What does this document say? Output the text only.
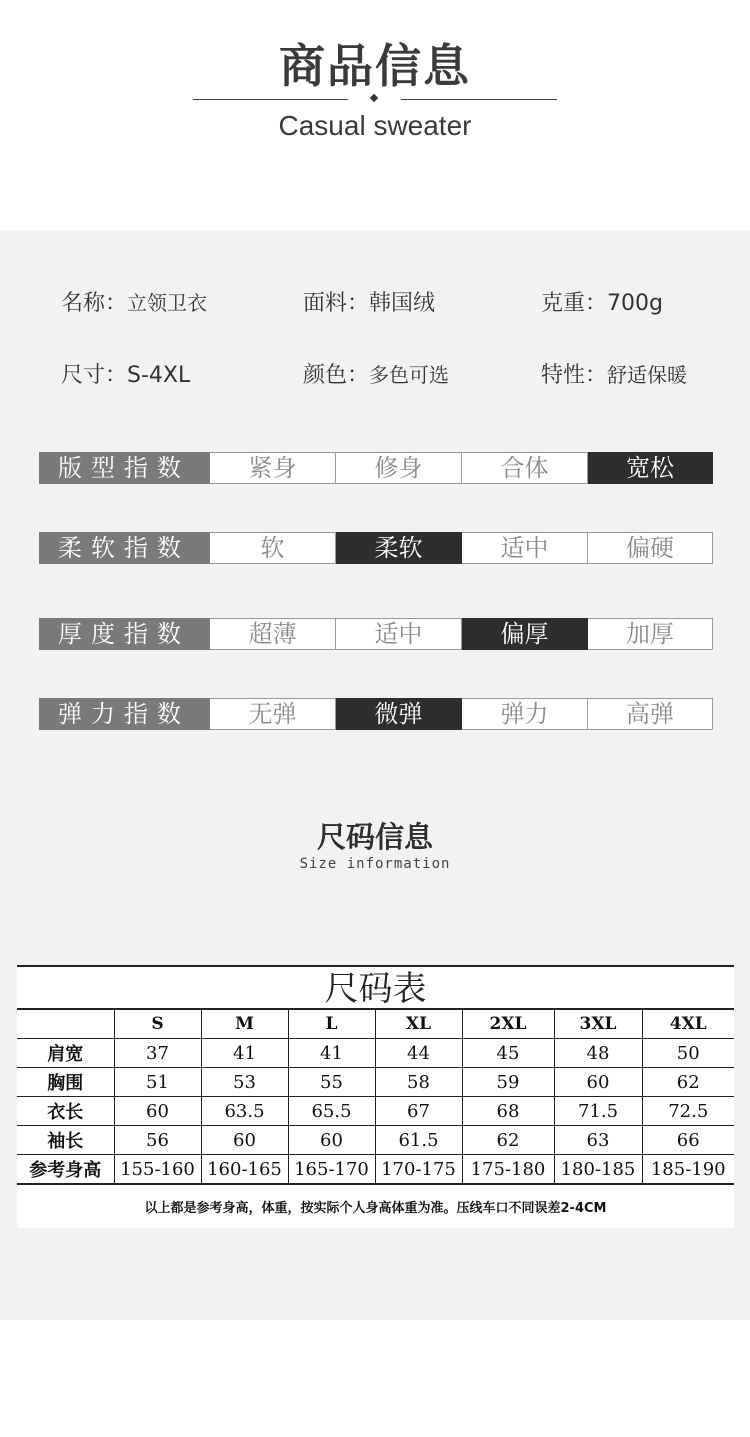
商品信息
Casual sweater
名称：立领卫衣	面料：韩国绒	克重：700g
尺寸：S-4XL	颜色：多色可选	特性：舒适保暖
版型指数	紧身	修身	合体	宽松
柔软指数	软	柔软	适中	偏硬
厚度指数	超薄	适中	偏厚	加厚
弹力指数	无弹	微弹	弹力	高弹
尺码信息
Size information
尺码表
	S	M	L	XL	2XL	3XL	4XL
肩宽	37	41	41	44	45	48	50
胸围	51	53	55	58	59	60	62
衣长	60	63.5	65.5	67	68	71.5	72.5
袖长	56	60	60	61.5	62	63	66
参考身高	155-160	160-165	165-170	170-175	175-180	180-185	185-190
以上都是参考身高，体重，按实际个人身高体重为准。压线车口不同误差2-4CM
